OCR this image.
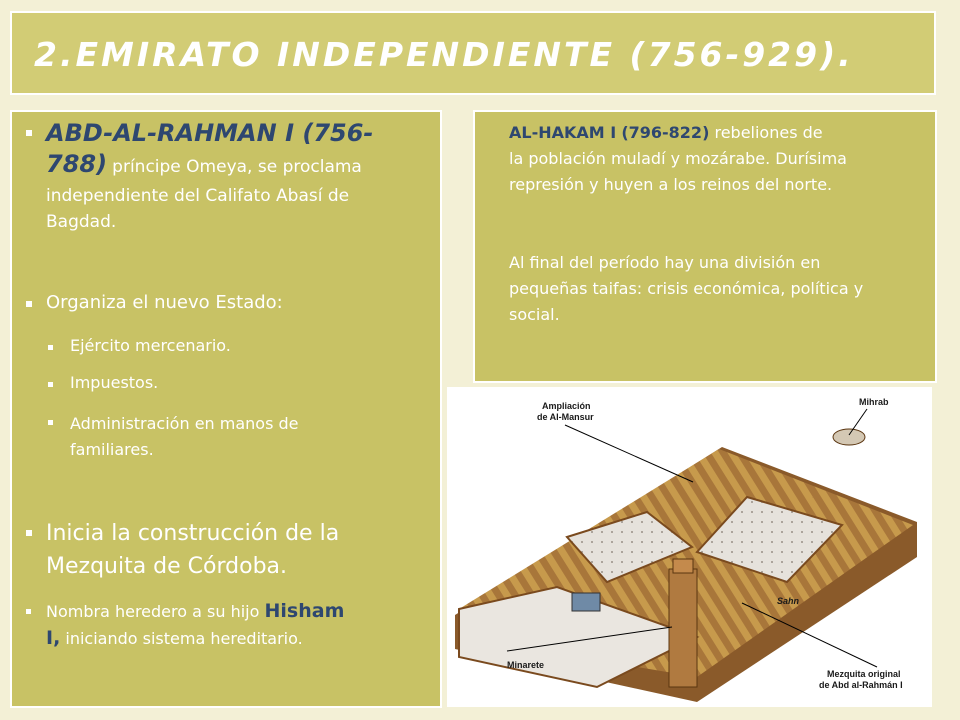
2.EMIRATO INDEPENDIENTE (756-929).
ABD-AL-RAHMAN I (756-
788) príncipe Omeya, se proclama
independiente del Califato Abasí de
Bagdad.
Organiza el nuevo Estado:
Ejército mercenario.
Impuestos.
Administración en manos de
familiares.
Inicia la construcción de la
Mezquita de Córdoba.
Nombra heredero a su hijo Hisham
I, iniciando sistema hereditario.
AL-HAKAM I (796-822) rebeliones de
la población muladí y mozárabe. Durísima
represión y huyen a los reinos del norte.
Al final del período hay una división en
pequeñas taifas: crisis económica, política y
social.
Ampliación
de Al-Mansur
Mihrab
Minarete
Sahn
Mezquita original
de Abd al-Rahmán I
